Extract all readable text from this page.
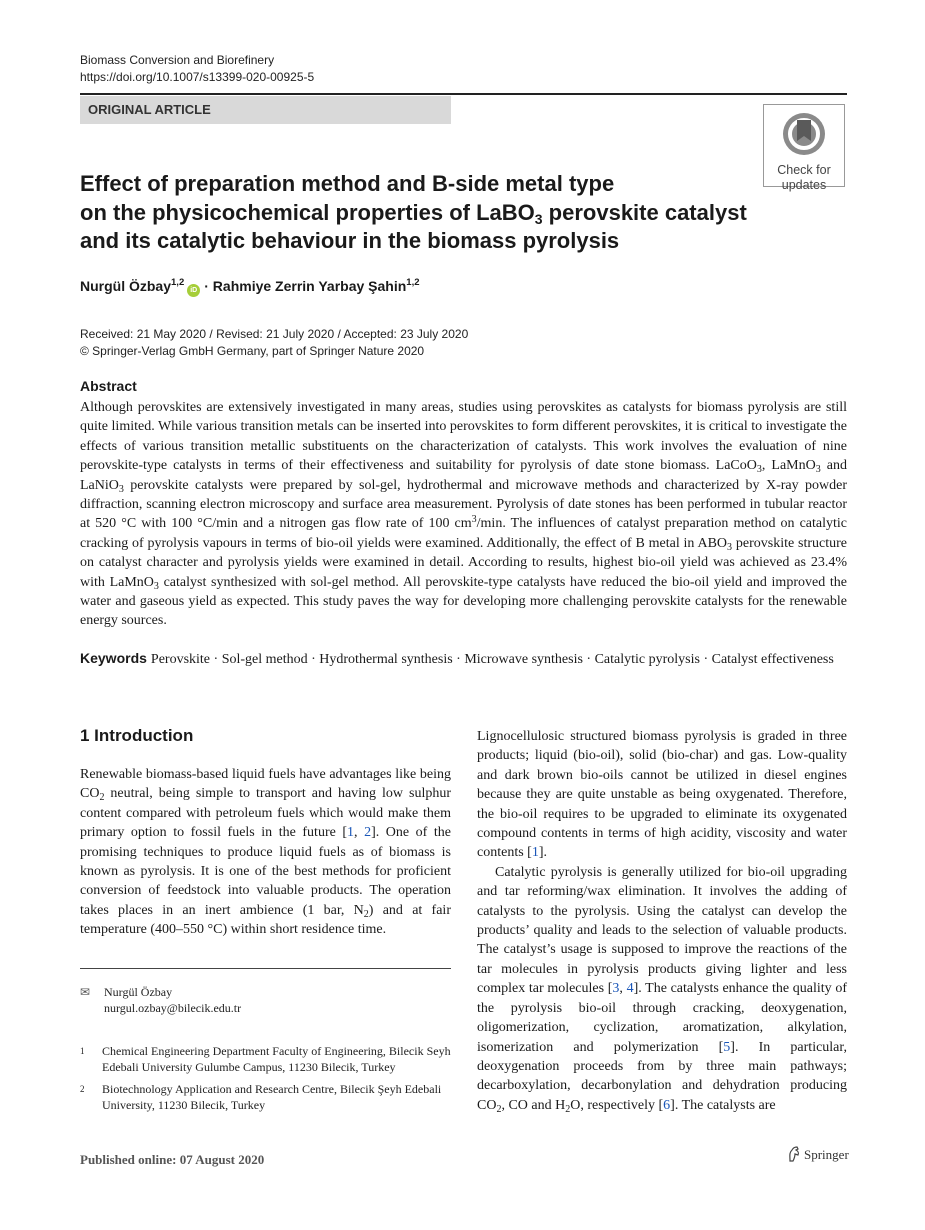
Biomass Conversion and Biorefinery
https://doi.org/10.1007/s13399-020-00925-5
ORIGINAL ARTICLE
Check for
updates
Effect of preparation method and B-side metal type
on the physicochemical properties of LaBO$_3$ perovskite catalyst
and its catalytic behaviour in the biomass pyrolysis
Nurgül Özbay$^{1,2}$iD · Rahmiye Zerrin Yarbay Şahin$^{1,2}$
Received: 21 May 2020 / Revised: 21 July 2020 / Accepted: 23 July 2020
© Springer-Verlag GmbH Germany, part of Springer Nature 2020
Abstract
Although perovskites are extensively investigated in many areas, studies using perovskites as catalysts for biomass pyrolysis are still quite limited. While various transition metals can be inserted into perovskites to form different perovskites, it is critical to investigate the effects of various transition metallic substituents on the characterization of catalysts. This work involves the evaluation of nine perovskite-type catalysts in terms of their effectiveness and suitability for pyrolysis of date stone biomass. LaCoO$_3$, LaMnO$_3$ and LaNiO$_3$ perovskite catalysts were prepared by sol-gel, hydrothermal and microwave methods and characterized by X-ray powder diffraction, scanning electron microscopy and surface area measurement. Pyrolysis of date stones has been performed in tubular reactor at 520 °C with 100 °C/min and a nitrogen gas flow rate of 100 $cm^3/\min$. The influences of catalyst preparation method on catalytic cracking of pyrolysis vapours in terms of bio-oil yields were examined. Additionally, the effect of B metal in $ABO_3$ perovskite structure on catalyst character and pyrolysis yields were examined in detail. According to results, highest bio-oil yield was achieved as 23.4% with LaMnO$_3$ catalyst synthesized with sol-gel method. All perovskite-type catalysts have reduced the bio-oil yield and improved the water and gaseous yield as expected. This study paves the way for developing more challenging perovskite catalysts for the renewable energy sources.
Keywords Perovskite · Sol-gel method · Hydrothermal synthesis · Microwave synthesis · Catalytic pyrolysis · Catalyst effectiveness
1 Introduction
Renewable biomass-based liquid fuels have advantages like being $CO_2$ neutral, being simple to transport and having low sulphur content compared with petroleum fuels which would make them primary option to fossil fuels in the future [1, 2]. One of the promising techniques to produce liquid fuels as of biomass is known as pyrolysis. It is one of the best methods for proficient conversion of feedstock into valuable products. The operation takes places in an inert ambience (1 bar, $N_2$) and at fair temperature (400–550 °C) within short residence time.
✉ Nurgül Özbay
nurgul.ozbay@bilecik.edu.tr
1 Chemical Engineering Department Faculty of Engineering, Bilecik Seyh Edebali University Gulumbe Campus, 11230 Bilecik, Turkey
2 Biotechnology Application and Research Centre, Bilecik Şeyh Edebali University, 11230 Bilecik, Turkey
Lignocellulosic structured biomass pyrolysis is graded in three products; liquid (bio-oil), solid (bio-char) and gas. Low-quality and dark brown bio-oils cannot be utilized in diesel engines because they are quite unstable as being oxygenated. Therefore, the bio-oil requires to be upgraded to eliminate its oxygenated compound contents in terms of high acidity, viscosity and water contents [1].
Catalytic pyrolysis is generally utilized for bio-oil upgrading and tar reforming/wax elimination. It involves the adding of catalysts to the pyrolysis. Using the catalyst can develop the products’ quality and leads to the selection of valuable products. The catalyst’s usage is supposed to improve the reactions of the tar molecules in pyrolysis products giving lighter and less complex tar molecules [3, 4]. The catalysts enhance the quality of the pyrolysis bio-oil through cracking, deoxygenation, oligomerization, cyclization, aromatization, alkylation, isomerization and polymerization [5]. In particular, deoxygenation proceeds from by three main pathways; decarboxylation, decarbonylation and dehydration producing $CO_2$, CO and $H_2O$, respectively [6]. The catalysts are
Published online: 07 August 2020	Springer
